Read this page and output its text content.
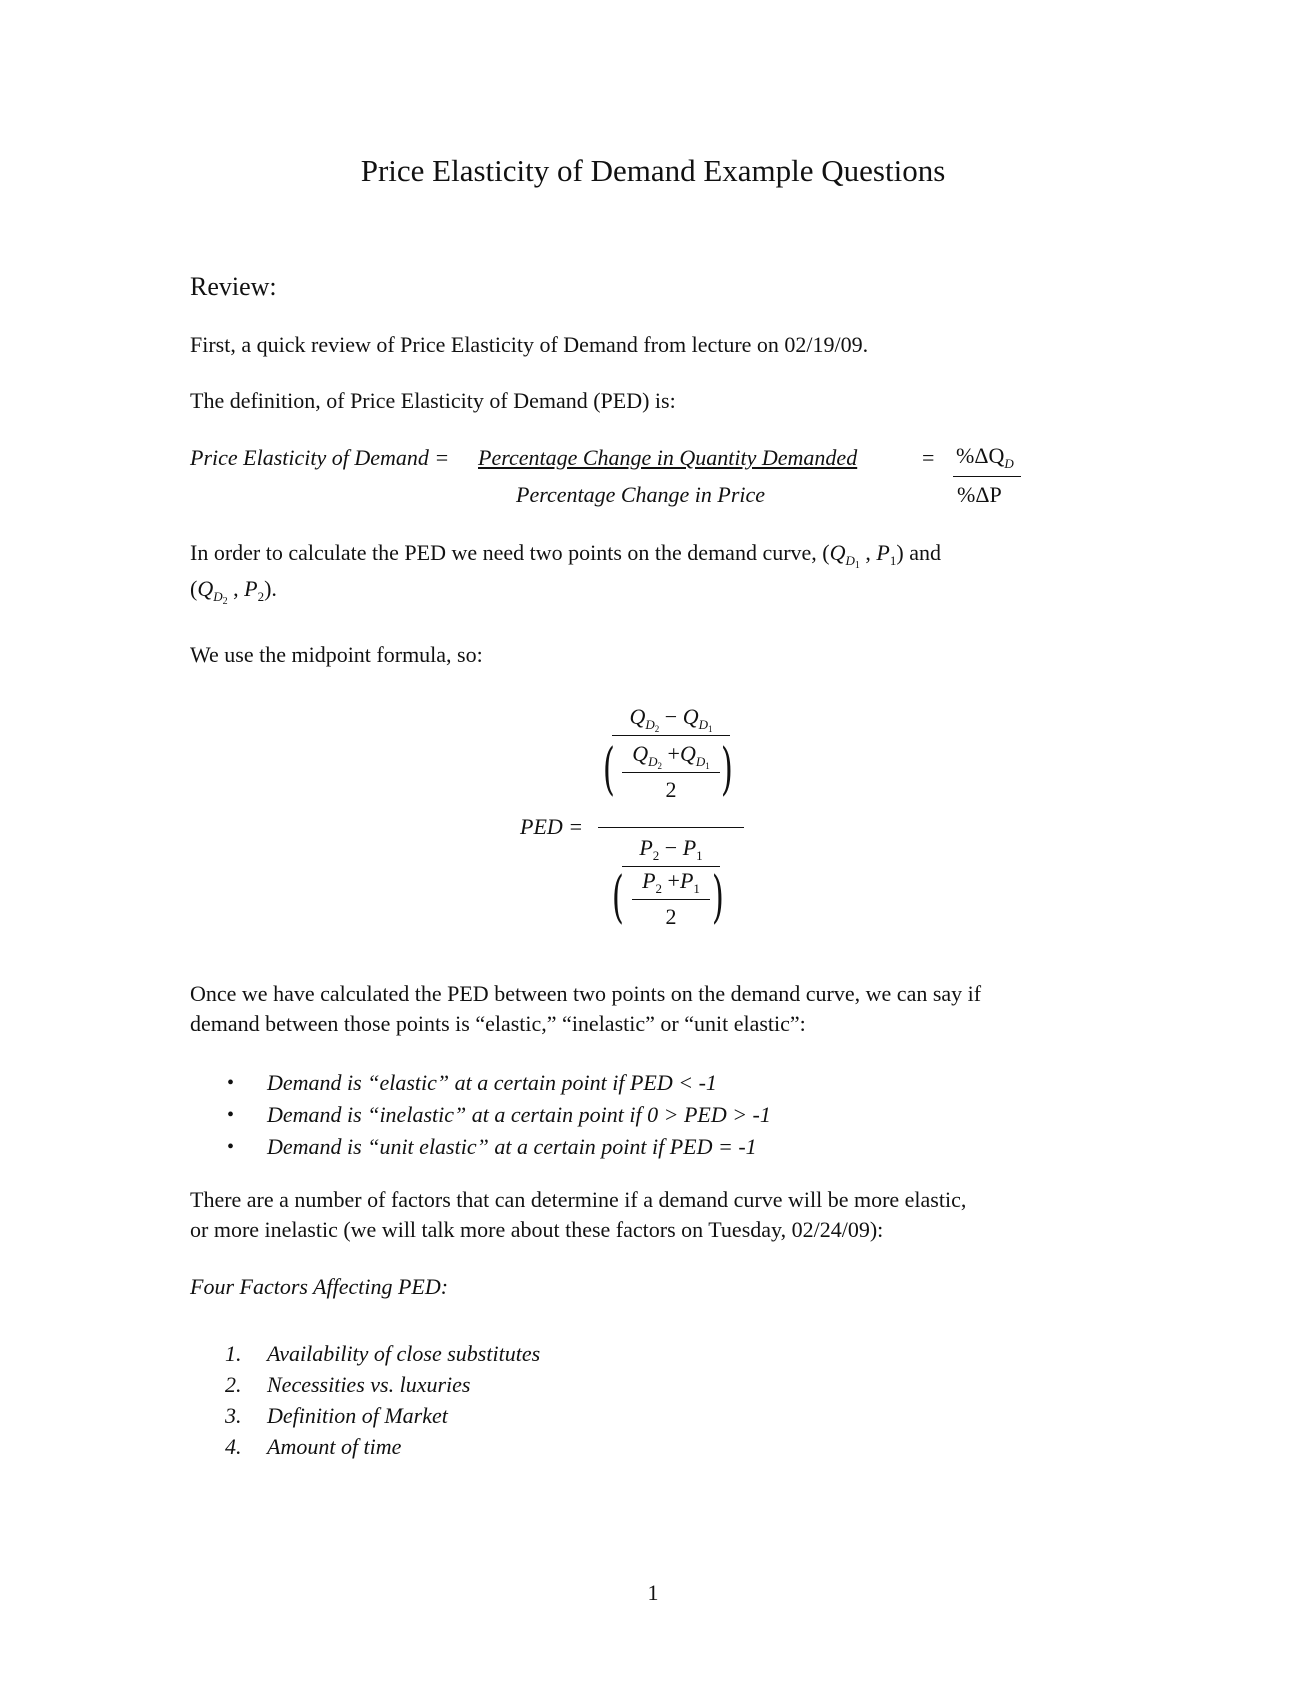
Price Elasticity of Demand Example Questions
Review:
First, a quick review of Price Elasticity of Demand from lecture on 02/19/09.
The definition, of Price Elasticity of Demand (PED) is:
Price Elasticity of Demand = Percentage Change in Quantity Demanded
Percentage Change in Price
= $\%\Delta Q_D$
%ΔP
In order to calculate the PED we need two points on the demand curve, ($Q_{D1}$ , $P_1$) and
($Q_{D2}$ , $P_2$).
We use the midpoint formula, so:
PED =
$Q_{D2} - Q_{D1}$
( )
$Q_{D2} +Q_{D1}$
2
$P_2 - P_1$
( )
$P_2 +P_1$
2
Once we have calculated the PED between two points on the demand curve, we can say if
demand between those points is “elastic,” “inelastic” or “unit elastic”:
• Demand is “elastic” at a certain point if PED < -1
• Demand is “inelastic” at a certain point if 0 > PED > -1
• Demand is “unit elastic” at a certain point if PED = -1
There are a number of factors that can determine if a demand curve will be more elastic,
or more inelastic (we will talk more about these factors on Tuesday, 02/24/09):
Four Factors Affecting PED:
1. Availability of close substitutes
2. Necessities vs. luxuries
3. Definition of Market
4. Amount of time
1
